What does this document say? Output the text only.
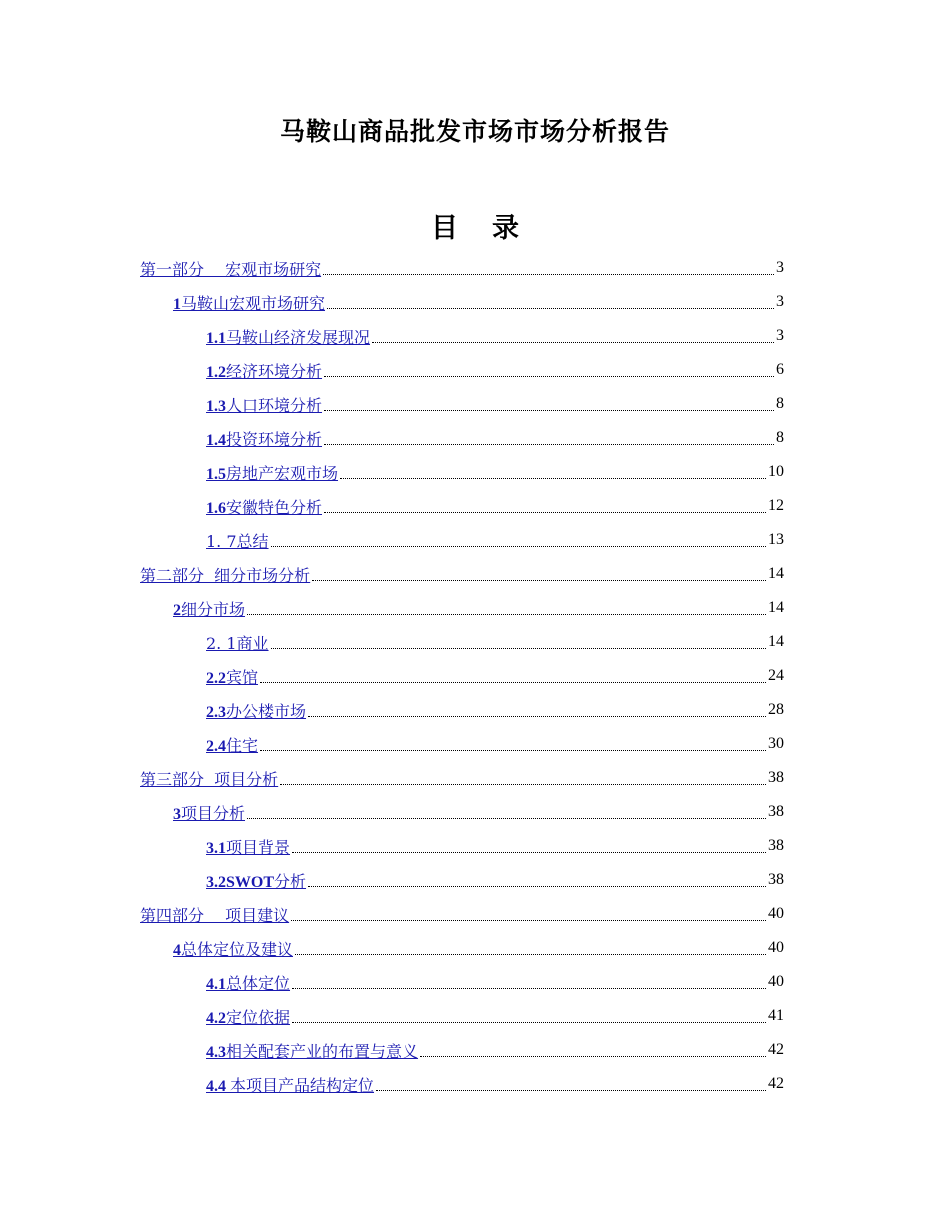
马鞍山商品批发市场市场分析报告
目 录
第一部分　 宏观市场研究	3
1马鞍山宏观市场研究	3
1.1马鞍山经济发展现况	3
1.2经济环境分析	6
1.3人口环境分析	8
1.4投资环境分析	8
1.5房地产宏观市场	10
1.6安徽特色分析	12
1. 7总结	13
第二部分  细分市场分析	14
2细分市场	14
2. 1商业	14
2.2宾馆	24
2.3办公楼市场	28
2.4住宅	30
第三部分  项目分析	38
3项目分析	38
3.1项目背景	38
3.2SWOT分析	38
第四部分 　项目建议	40
4总体定位及建议	40
4.1总体定位	40
4.2定位依据	41
4.3相关配套产业的布置与意义	42
4.4 本项目产品结构定位	42
